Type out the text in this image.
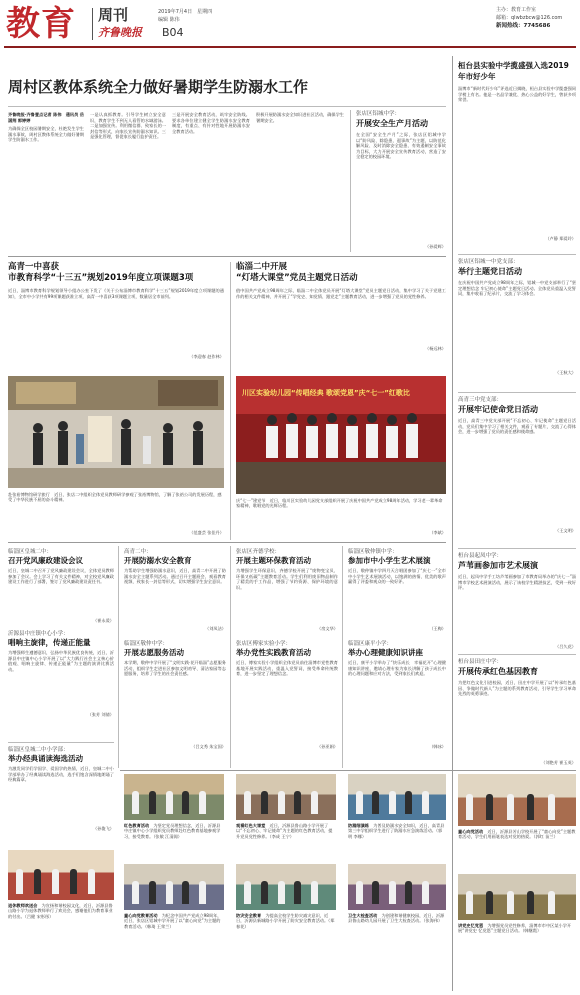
教育 周刊
齐鲁晚报
2019年7月4日　星期四
编辑 陈伟
B04
主办：教育工作室
邮箱：qlwbzbcw@126.com
新闻热线：7745686
周村区教体系统全力做好暑期学生防溺水工作
齐鲁晚报·齐鲁壹点记者 陈伟　通讯员 岳涵荆 郭婷婷
为确保全区校园暑期安全，杜绝发生学生溺水事故，周村区教体系统全力做好暑期学生防溺水工作。
一是认真抓教育。引导学生树立安全意识，教育学生不到无人看管的水域游泳。二是加强宣传。利用微信群、致家长的一封信等形式，向家长宣传防溺水知识。三是强化管理，督促家长履行监护责任。
三是开展安全教育活动，筑牢安全防线。要求各单位建立健全学生防溺水安全教育制度，有重点、有针对性地开展防溺水安全教育活动。
积极开展防溺水安全知识进社区活动，确保学生暑期安全。
张店区铝城中学：
开展安全生产月活动
在全国“安全生产月”之际，张店区铝城中学以“防风险、除隐患、遏事故”为主题，以防范化解风险、及时消除安全隐患、有效遏制安全事故为目标，大力开展安全宣传教育活动，营造了安全稳定的校园环境。
（孙爱辉）
桓台县实验中学揽盛强入选2019年市好少年
淄博市“新时代好少年”评选近日揭晓，桓台县实验中学揽盛强同学榜上有名。他是一名品学兼优、热心公益的好学生，曾获多项荣誉。
（卢静 郑爱玲）
张店区铝城一中党支部：
举行主题党日活动
在庆祝中国共产党成立98周年之际，铝城一中党支部举行了“坚定理想信念 牢记初心使命”主题党日活动。全体党员重温入党誓词，集中收看了纪录片，交流了学习体会。
（王秋大）
高青三中党支部：
开展牢记使命党日活动
近日，高青三中党支部开展“不忘初心、牢记使命”主题党日活动，党员们集中学习了相关文件，观看了专题片，交流了心得体会，进一步增强了党员的责任感和使命感。
（王文明）
桓台县起凤中学：
芦苇画参加市艺术展演
近日，起凤中学手工坊芦苇画参加了市教育局举办的“庆七一”淄博市学校艺术展演活动，展示了该校学生精湛技艺，受到一致好评。
（吕久花）
桓台县田庄中学：
开展传承红色基因教育
为把红色文化引进校园，近日，田庄中学开展了以“传承红色基因、争做时代新人”为主题的系列教育活动，引导学生学习革命先烈的英勇事迹。
（刘艳芳 崔玉英）
高青一中喜获
市教育科学“十三五”规划2019年度立项课题3项
近日，淄博市教育科学规划领导小组办公室下发了《关于公布淄博市教育科学“十三五”规划2019年度立项课题的通知》，全市中小学共有99项课题获准立项，高青一中喜获3项课题立项，数量居全市前列。
（李迎春 赵作林）
临淄二中开展
“灯塔大课堂”党员主题党日活动
值中国共产党成立98周年之际，临淄二中全体党员开展“灯塔大课堂”党员主题党日活动，集中学习了关于党建工作的相关文件精神，并开展了“学党史、知党情、跟党走”主题教育活动，进一步增强了党员的党性修养。
（杨远林）
赴张裕博物馆研学旅行　近日，张店二中组织全体党员教师研学参观了张裕博物馆，了解了张裕公司的发展历程，感受了中华民族不屈的奋斗精神。
（范盛芸 张佳丹）
川区实验幼儿园“传唱经典 歌颂党恩”庆“七一”红歌比
庆“七一”建党节　近日，临川区实验幼儿园党支部组织开展了庆祝中国共产党成立98周年活动，学习老一辈革命家精神，歌唱党的光辉历程。
（李斌）
临淄区皇城二中：
召开党风廉政建设会议
近日，皇城二中召开了党风廉政建设会议，全体党员教师参加了会议。会上学习了有关文件精神，对全校党风廉政建设工作进行了部署，签订了党风廉政建设责任书。
（崔永爱）
沂源县中庄镇中心小学：
唱响主旋律，传递正能量
为增强师生遵德意识，弘扬中华民族优良传统，近日，沂源县中庄镇中心小学开展了以“大力践行社会主义核心价值观、唱响主旋律、传递正能量”为主题的演讲比赛活动。
（张芳 刘倩）
临淄区皇城二中小学部：
举办经典诵读海选活动
为激发同学们学国学、爱国学的热情，近日，皇城二中小学部举办了经典诵读海选活动，选手们饱含深情地朗诵了经典篇章。
（孙俊飞）
高青二中：
开展防溺水安全教育
为帮助学生增强防溺水意识，近日，高青二中开展了防溺水安全主题系列活动。通过召开主题班会、观看教育视频、致家长一封信等形式，切实增强学生安全意识。
（刘凤洁）
临淄区敬仲中学：
开展志愿服务活动
本学期，敬仲中学开展了“文明实践·花开临淄”志愿服务活动，组织学生走进社区参加文明劝导、清洁家园等志愿服务，培养了学生的社会责任感。
（吕文秀 朱宝国）
张店区齐德学校：
开展主题环保教育活动
为增强学生环保意识，齐德学校开展了“废物变宝贝、环保又低碳”主题教育活动。学生们利用废旧物品制作了精美的手工作品，增强了节约资源、保护环境的意识。
（房文华）
张店区傅家实验小学：
举办党性实践教育活动
近日，傅家实验小学组织全体党员前往淄博市党性教育基地开展实践活动，重温入党誓词，接受革命传统教育，进一步坚定了理想信念。
（孙亚娟）
临淄区敬仲镇中学：
参加市中小学生艺术展演
近日，敬仲镇中学四月天合唱团参加了“庆七一”全市中小学生艺术展演活动，以饱满的热情、优美的歌声赢得了评委和观众的一致好评。
（王梅）
临淄区康平小学：
举办心理健康知识讲座
近日，康平小学举办了“快乐成长　幸福花开”心理健康知识讲座，邀请心理专家为家长讲解了孩子成长中的心理问题和应对方法，受到家长们欢迎。
（韩冰）
红色教育活动　为坚定党员理想信念，近日，沂源县中庄镇中心小学组织党员教师赴红色教育基地参观学习，接受教育。（张敏 江清阁）
观看红色大课堂　近日，沂源县鲁山路小学开展了以“不忘初心、牢记使命”为主题的红色教育活动，提升党员党性修养。（李成 王宁）
防溺细演练　为普及防溺水安全知识，近日，高青县第三中学组织学生进行了防溺水应急演练活动。（郭明 李娜）
童心向党活动　近日，沂源县芳山学校开展了“童心向党”主题教育活动，学生们用画笔表达对党的热爱。（郭红 苗兰）
退休教师欢送会　为宣扬和谐校园文化，近日，沂源县鲁山路小学为退休教师举行了欢送会，感谢他们为教育事业的付出。（吕健 宋彤彤）	童心向党教育活动　为纪念中国共产党成立98周年，近日，张店区铝城中学开展了以“童心向党”为主题的教育活动。（韩琦 王荣兰）
防灾安全教育　为提高全校学生防灾减灾意识，近日，沂源县新城路小学开展了防灾安全教育活动。（郑春花）
卫生大检查活动　为创建和谐健康校园，近日，沂源县鲁山路幼儿园开展了卫生大检查活动。（张海伟）
讲党史忆党恩　为增强党员党性修养，淄博市市中区某小学开展“讲党史 忆党恩”主题党日活动。（韩继霞）
